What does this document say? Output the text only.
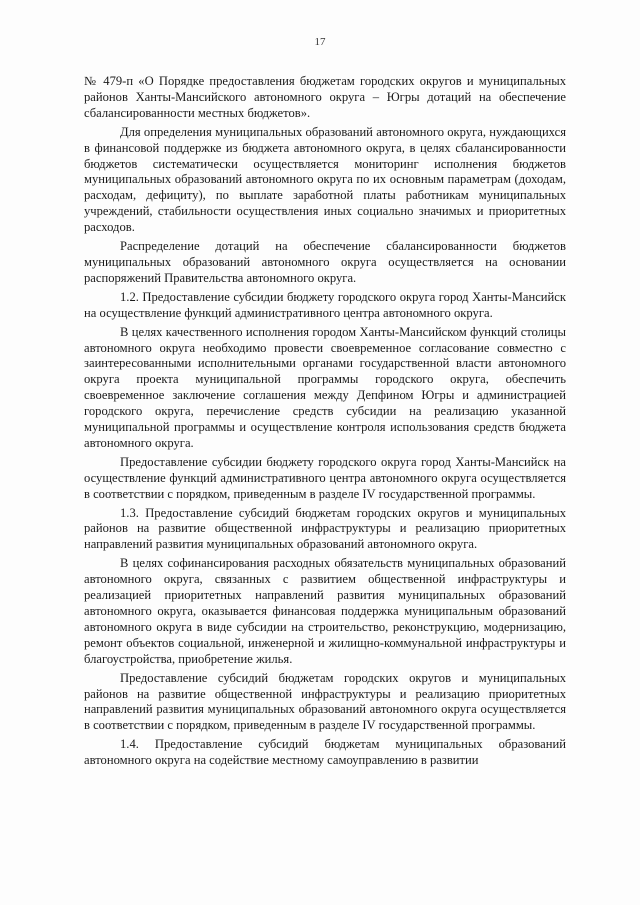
17

№ 479-п «О Порядке предоставления бюджетам городских округов и муниципальных районов Ханты-Мансийского автономного округа – Югры дотаций на обеспечение сбалансированности местных бюджетов».

Для определения муниципальных образований автономного округа, нуждающихся в финансовой поддержке из бюджета автономного округа, в целях сбалансированности бюджетов систематически осуществляется мониторинг исполнения бюджетов муниципальных образований автономного округа по их основным параметрам (доходам, расходам, дефициту), по выплате заработной платы работникам муниципальных учреждений, стабильности осуществления иных социально значимых и приоритетных расходов.

Распределение дотаций на обеспечение сбалансированности бюджетов муниципальных образований автономного округа осуществляется на основании распоряжений Правительства автономного округа.

1.2. Предоставление субсидии бюджету городского округа город Ханты-Мансийск на осуществление функций административного центра автономного округа.

В целях качественного исполнения городом Ханты-Мансийском функций столицы автономного округа необходимо провести своевременное согласование совместно с заинтересованными исполнительными органами государственной власти автономного округа проекта муниципальной программы городского округа, обеспечить своевременное заключение соглашения между Депфином Югры и администрацией городского округа, перечисление средств субсидии на реализацию указанной муниципальной программы и осуществление контроля использования средств бюджета автономного округа.

Предоставление субсидии бюджету городского округа город Ханты-Мансийск на осуществление функций административного центра автономного округа осуществляется в соответствии с порядком, приведенным в разделе IV государственной программы.

1.3. Предоставление субсидий бюджетам городских округов и муниципальных районов на развитие общественной инфраструктуры и реализацию приоритетных направлений развития муниципальных образований автономного округа.

В целях софинансирования расходных обязательств муниципальных образований автономного округа, связанных с развитием общественной инфраструктуры и реализацией приоритетных направлений развития муниципальных образований автономного округа, оказывается финансовая поддержка муниципальным образований автономного округа в виде субсидии на строительство, реконструкцию, модернизацию, ремонт объектов социальной, инженерной и жилищно-коммунальной инфраструктуры и благоустройства, приобретение жилья.

Предоставление субсидий бюджетам городских округов и муниципальных районов на развитие общественной инфраструктуры и реализацию приоритетных направлений развития муниципальных образований автономного округа осуществляется в соответствии с порядком, приведенным в разделе IV государственной программы.

1.4. Предоставление субсидий бюджетам муниципальных образований автономного округа на содействие местному самоуправлению в развитии
